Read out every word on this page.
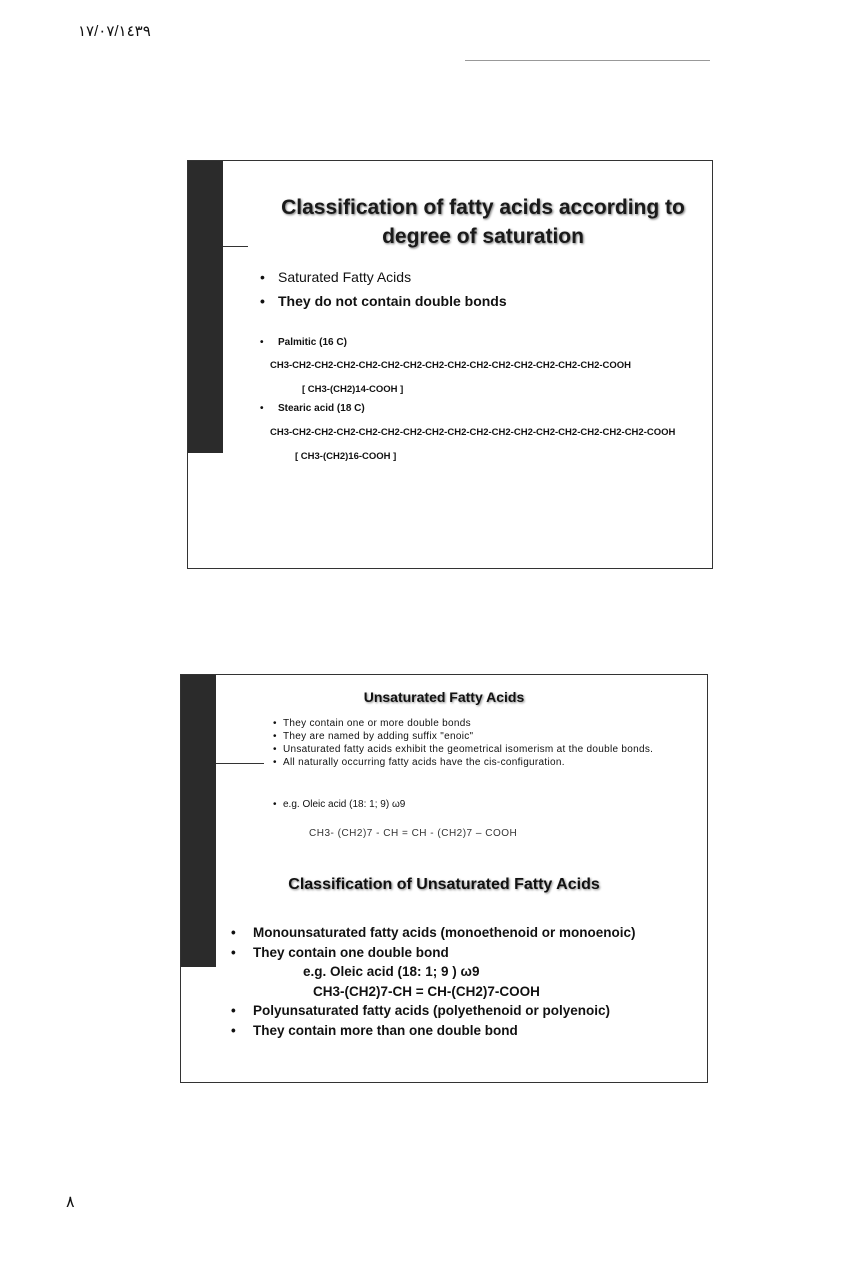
١٧/٠٧/١٤٣٩
Classification of fatty acids according to degree of saturation
• Saturated Fatty Acids
• They do not contain double bonds
• Palmitic (16 C)
CH3-CH2-CH2-CH2-CH2-CH2-CH2-CH2-CH2-CH2-CH2-CH2-CH2-CH2-CH2-COOH
[ CH3-(CH2)14-COOH ]
• Stearic acid (18 C)
CH3-CH2-CH2-CH2-CH2-CH2-CH2-CH2-CH2-CH2-CH2-CH2-CH2-CH2-CH2-CH2-CH2-COOH
[ CH3-(CH2)16-COOH ]
Unsaturated Fatty Acids
• They contain one or more double bonds
• They are named by adding suffix "enoic"
• Unsaturated fatty acids exhibit the geometrical isomerism at the double bonds.
• All naturally occurring fatty acids have the cis-configuration.
• e.g. Oleic acid (18: 1; 9) ω9
CH3- (CH2)7 - CH = CH - (CH2)7 – COOH
Classification of Unsaturated Fatty Acids
• Monounsaturated fatty acids (monoethenoid or monoenoic)
• They contain one double bond
e.g. Oleic acid (18: 1; 9 ) ω9
CH3-(CH2)7-CH = CH-(CH2)7-COOH
• Polyunsaturated fatty acids (polyethenoid or polyenoic)
• They contain more than one double bond
٨
